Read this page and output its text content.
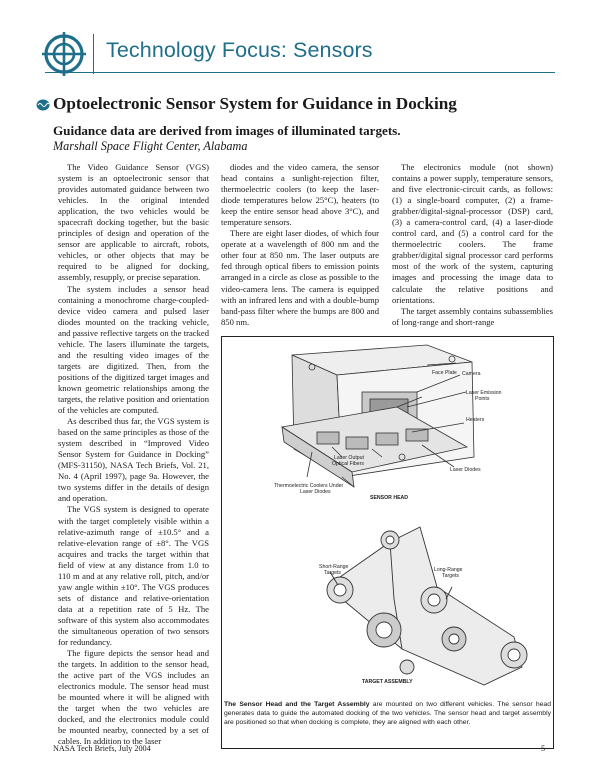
Technology Focus: Sensors
Optoelectronic Sensor System for Guidance in Docking
Guidance data are derived from images of illuminated targets.
Marshall Space Flight Center, Alabama

The Video Guidance Sensor (VGS) system is an optoelectronic sensor that provides automated guidance between two vehicles. In the original intended application, the two vehicles would be spacecraft docking together, but the basic principles of design and operation of the sensor are applicable to aircraft, robots, vehicles, or other objects that may be required to be aligned for docking, assembly, resupply, or precise separation.

The system includes a sensor head containing a monochrome charge-coupled-device video camera and pulsed laser diodes mounted on the tracking vehicle, and passive reflective targets on the tracked vehicle. The lasers illuminate the targets, and the resulting video images of the targets are digitized. Then, from the positions of the digitized target images and known geometric relationships among the targets, the relative position and orientation of the vehicles are computed.

As described thus far, the VGS system is based on the same principles as those of the system described in “Improved Video Sensor System for Guidance in Docking” (MFS-31150), NASA Tech Briefs, Vol. 21, No. 4 (April 1997), page 9a. However, the two systems differ in the details of design and operation.

The VGS system is designed to operate with the target completely visible within a relative-azimuth range of ±10.5° and a relative-elevation range of ±8°. The VGS acquires and tracks the target within that field of view at any distance from 1.0 to 110 m and at any relative roll, pitch, and/or yaw angle within ±10°. The VGS produces sets of distance and relative-orientation data at a repetition rate of 5 Hz. The software of this system also accommodates the simultaneous operation of two sensors for redundancy.

The figure depicts the sensor head and the targets. In addition to the sensor head, the active part of the VGS includes an electronics module. The sensor head must be mounted where it will be aligned with the target when the two vehicles are docked, and the electronics module could be mounted nearby, connected by a set of cables. In addition to the laser

diodes and the video camera, the sensor head contains a sunlight-rejection filter, thermoelectric coolers (to keep the laser-diode temperatures below 25°C), heaters (to keep the entire sensor head above 3°C), and temperature sensors.

There are eight laser diodes, of which four operate at a wavelength of 800 nm and the other four at 850 nm. The laser outputs are fed through optical fibers to emission points arranged in a circle as close as possible to the video-camera lens. The camera is equipped with an infrared lens and with a double-bump band-pass filter where the bumps are 800 and 850 nm.

The electronics module (not shown) contains a power supply, temperature sensors, and five electronic-circuit cards, as follows: (1) a single-board computer, (2) a frame-grabber/digital-signal-processor (DSP) card, (3) a camera-control card, (4) a laser-diode control card, and (5) a control card for the thermoelectric coolers. The frame grabber/digital signal processor card performs most of the work of the system, capturing images and processing the image data to calculate the relative positions and orientations.

The target assembly contains subassemblies of long-range and short-range

Face Plate Camera
Laser Emission
Points
Heaters
Laser Output
Optical Fibers
Laser Diodes
Thermoelectric Coolers Under
Laser Diodes
SENSOR HEAD
Short-Range
Targets	Long-Range
Targets
TARGET ASSEMBLY
The Sensor Head and the Target Assembly are mounted on two different vehicles. The sensor head generates data to guide the automated docking of the two vehicles. The sensor head and target assembly are positioned so that when docking is complete, they are aligned with each other.
NASA Tech Briefs, July 2004	5
